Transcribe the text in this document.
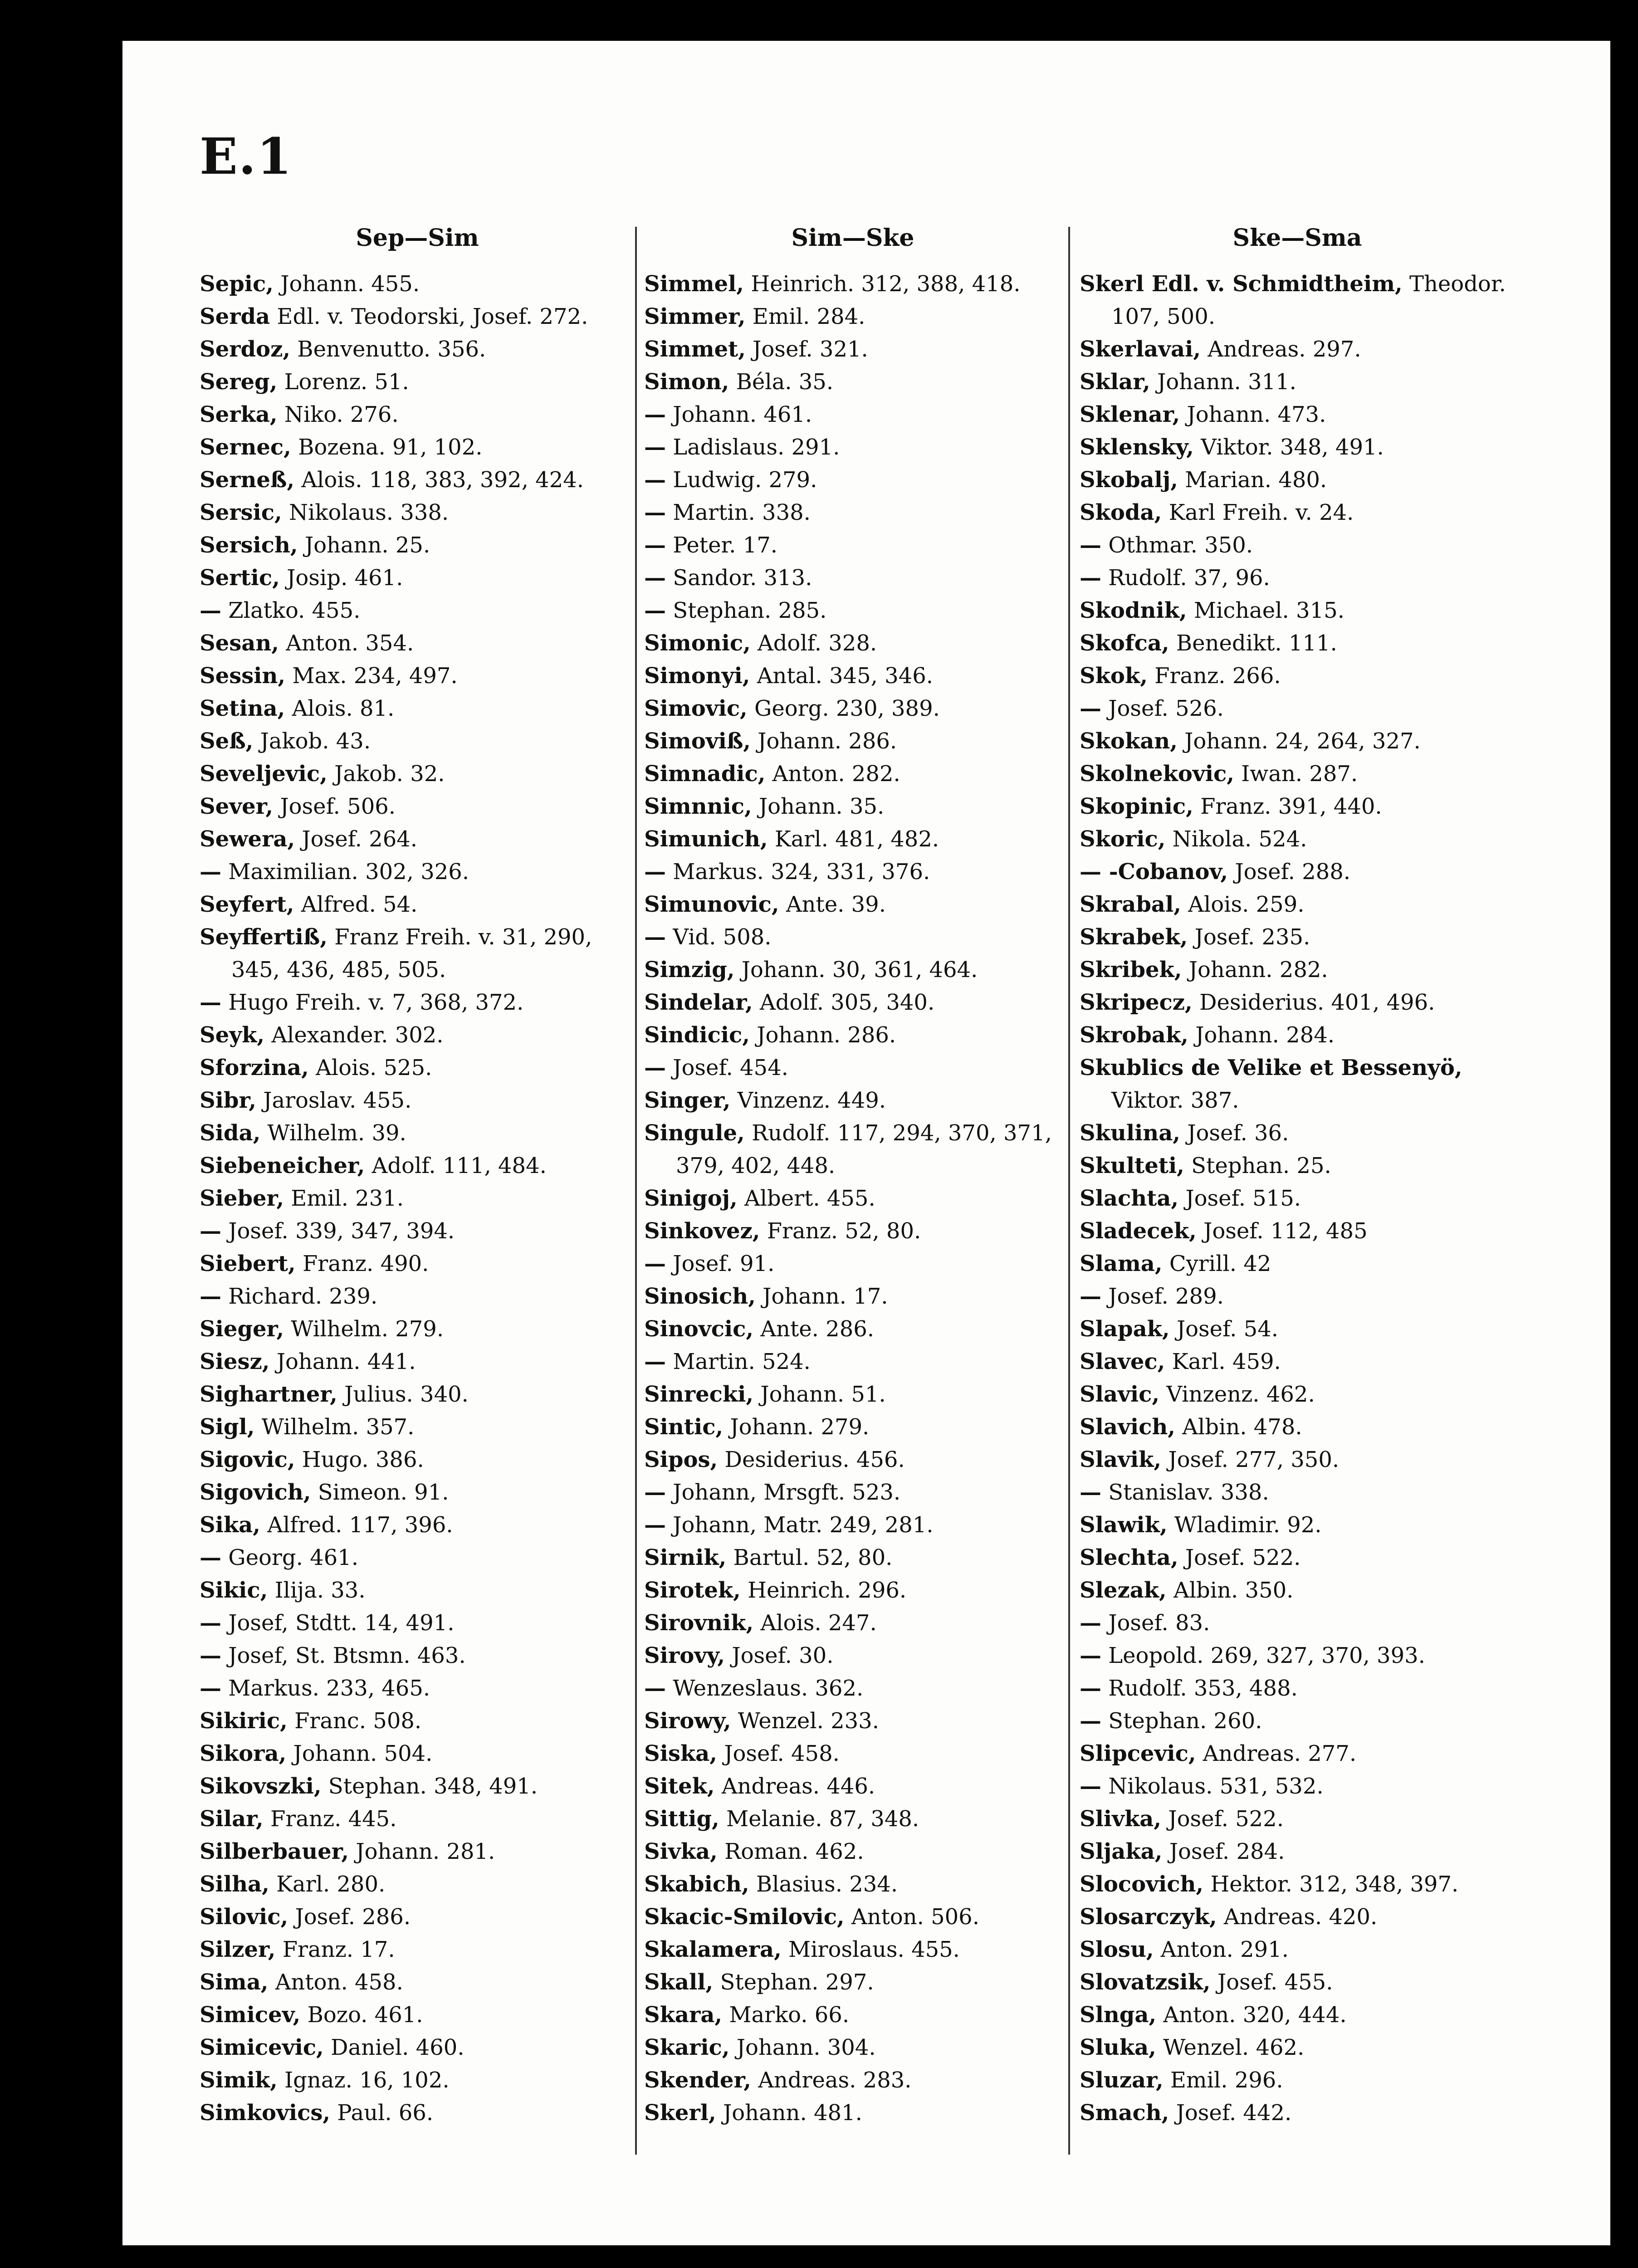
E.1
Sep—Sim
Sepic, Johann. 455.
Serda Edl. v. Teodorski, Josef. 272.
Serdoz, Benvenutto. 356.
Sereg, Lorenz. 51.
Serka, Niko. 276.
Sernec, Bozena. 91, 102.
Serneß, Alois. 118, 383, 392, 424.
Sersic, Nikolaus. 338.
Sersich, Johann. 25.
Sertic, Josip. 461.
— Zlatko. 455.
Sesan, Anton. 354.
Sessin, Max. 234, 497.
Setina, Alois. 81.
Seß, Jakob. 43.
Seveljevic, Jakob. 32.
Sever, Josef. 506.
Sewera, Josef. 264.
— Maximilian. 302, 326.
Seyfert, Alfred. 54.
Seyffertiß, Franz Freih. v. 31, 290,
345, 436, 485, 505.
— Hugo Freih. v. 7, 368, 372.
Seyk, Alexander. 302.
Sforzina, Alois. 525.
Sibr, Jaroslav. 455.
Sida, Wilhelm. 39.
Siebeneicher, Adolf. 111, 484.
Sieber, Emil. 231.
— Josef. 339, 347, 394.
Siebert, Franz. 490.
— Richard. 239.
Sieger, Wilhelm. 279.
Siesz, Johann. 441.
Sighartner, Julius. 340.
Sigl, Wilhelm. 357.
Sigovic, Hugo. 386.
Sigovich, Simeon. 91.
Sika, Alfred. 117, 396.
— Georg. 461.
Sikic, Ilija. 33.
— Josef, Stdtt. 14, 491.
— Josef, St. Btsmn. 463.
— Markus. 233, 465.
Sikiric, Franc. 508.
Sikora, Johann. 504.
Sikovszki, Stephan. 348, 491.
Silar, Franz. 445.
Silberbauer, Johann. 281.
Silha, Karl. 280.
Silovic, Josef. 286.
Silzer, Franz. 17.
Sima, Anton. 458.
Simicev, Bozo. 461.
Simicevic, Daniel. 460.
Simik, Ignaz. 16, 102.
Simkovics, Paul. 66.
Sim—Ske
Simmel, Heinrich. 312, 388, 418.
Simmer, Emil. 284.
Simmet, Josef. 321.
Simon, Béla. 35.
— Johann. 461.
— Ladislaus. 291.
— Ludwig. 279.
— Martin. 338.
— Peter. 17.
— Sandor. 313.
— Stephan. 285.
Simonic, Adolf. 328.
Simonyi, Antal. 345, 346.
Simovic, Georg. 230, 389.
Simoviß, Johann. 286.
Simnadic, Anton. 282.
Simnnic, Johann. 35.
Simunich, Karl. 481, 482.
— Markus. 324, 331, 376.
Simunovic, Ante. 39.
— Vid. 508.
Simzig, Johann. 30, 361, 464.
Sindelar, Adolf. 305, 340.
Sindicic, Johann. 286.
— Josef. 454.
Singer, Vinzenz. 449.
Singule, Rudolf. 117, 294, 370, 371,
379, 402, 448.
Sinigoj, Albert. 455.
Sinkovez, Franz. 52, 80.
— Josef. 91.
Sinosich, Johann. 17.
Sinovcic, Ante. 286.
— Martin. 524.
Sinrecki, Johann. 51.
Sintic, Johann. 279.
Sipos, Desiderius. 456.
— Johann, Mrsgft. 523.
— Johann, Matr. 249, 281.
Sirnik, Bartul. 52, 80.
Sirotek, Heinrich. 296.
Sirovnik, Alois. 247.
Sirovy, Josef. 30.
— Wenzeslaus. 362.
Sirowy, Wenzel. 233.
Siska, Josef. 458.
Sitek, Andreas. 446.
Sittig, Melanie. 87, 348.
Sivka, Roman. 462.
Skabich, Blasius. 234.
Skacic-Smilovic, Anton. 506.
Skalamera, Miroslaus. 455.
Skall, Stephan. 297.
Skara, Marko. 66.
Skaric, Johann. 304.
Skender, Andreas. 283.
Skerl, Johann. 481.
Ske—Sma
Skerl Edl. v. Schmidtheim, Theodor.
107, 500.
Skerlavai, Andreas. 297.
Sklar, Johann. 311.
Sklenar, Johann. 473.
Sklensky, Viktor. 348, 491.
Skobalj, Marian. 480.
Skoda, Karl Freih. v. 24.
— Othmar. 350.
— Rudolf. 37, 96.
Skodnik, Michael. 315.
Skofca, Benedikt. 111.
Skok, Franz. 266.
— Josef. 526.
Skokan, Johann. 24, 264, 327.
Skolnekovic, Iwan. 287.
Skopinic, Franz. 391, 440.
Skoric, Nikola. 524.
— -Cobanov, Josef. 288.
Skrabal, Alois. 259.
Skrabek, Josef. 235.
Skribek, Johann. 282.
Skripecz, Desiderius. 401, 496.
Skrobak, Johann. 284.
Skublics de Velike et Bessenyö,
Viktor. 387.
Skulina, Josef. 36.
Skulteti, Stephan. 25.
Slachta, Josef. 515.
Sladecek, Josef. 112, 485
Slama, Cyrill. 42
— Josef. 289.
Slapak, Josef. 54.
Slavec, Karl. 459.
Slavic, Vinzenz. 462.
Slavich, Albin. 478.
Slavik, Josef. 277, 350.
— Stanislav. 338.
Slawik, Wladimir. 92.
Slechta, Josef. 522.
Slezak, Albin. 350.
— Josef. 83.
— Leopold. 269, 327, 370, 393.
— Rudolf. 353, 488.
— Stephan. 260.
Slipcevic, Andreas. 277.
— Nikolaus. 531, 532.
Slivka, Josef. 522.
Sljaka, Josef. 284.
Slocovich, Hektor. 312, 348, 397.
Slosarczyk, Andreas. 420.
Slosu, Anton. 291.
Slovatzsik, Josef. 455.
Slnga, Anton. 320, 444.
Sluka, Wenzel. 462.
Sluzar, Emil. 296.
Smach, Josef. 442.
